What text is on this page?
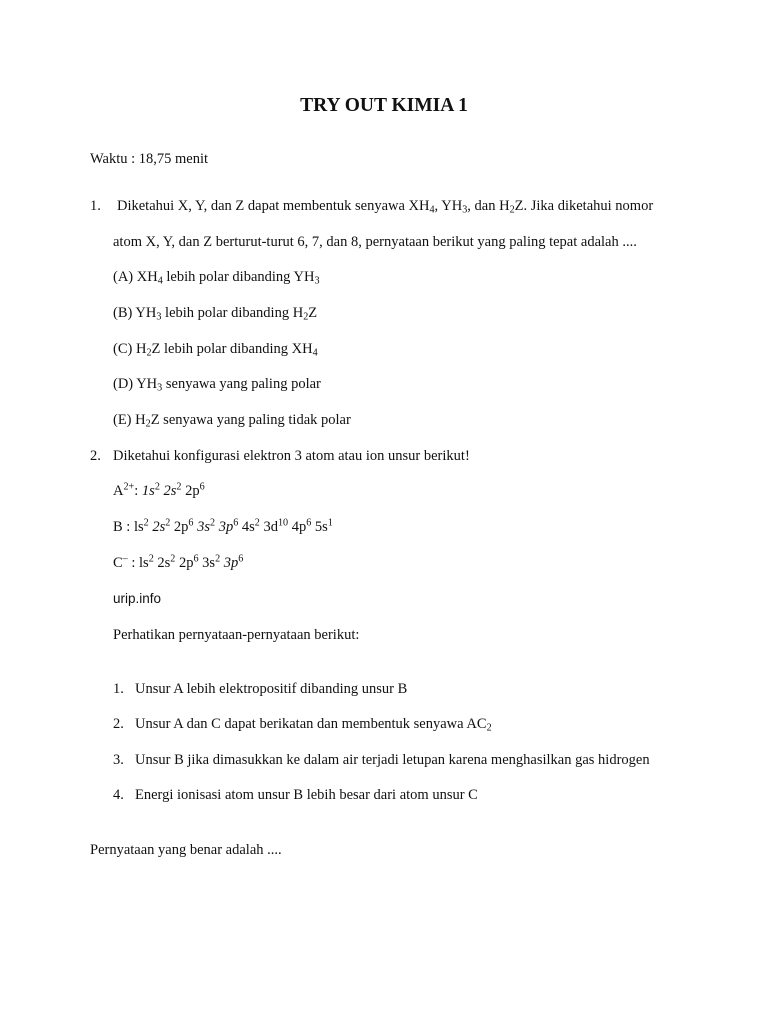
TRY OUT KIMIA 1
Waktu : 18,75 menit
1. Diketahui X, Y, dan Z dapat membentuk senyawa $XH_4$, $YH_3$, dan $H_2Z$. Jika diketahui nomor
atom X, Y, dan Z berturut-turut 6, 7, dan 8, pernyataan berikut yang paling tepat adalah ....
(A) $XH_4$ lebih polar dibanding $YH_3$
(B) $YH_3$ lebih polar dibanding $H_2Z$
(C) $H_2Z$ lebih polar dibanding $XH_4$
(D) $YH_3$ senyawa yang paling polar
(E) $H_2Z$ senyawa yang paling tidak polar
2. Diketahui konfigurasi elektron 3 atom atau ion unsur berikut!
$A^{2+}$: $1s^2$ $2s^2$ $2p^6$
B : $ls^2$ $2s^2$ $2p^6$ $3s^2$ $3p^6$ $4s^2$ $3d^{10}$ $4p^6$ $5s^1$
C– : $ls^2$ $2s^2$ $2p^6$ $3s^2$ $3p^6$
urip.info
Perhatikan pernyataan-pernyataan berikut:
1. Unsur A lebih elektropositif dibanding unsur B
2. Unsur A dan C dapat berikatan dan membentuk senyawa $AC_2$
3. Unsur B jika dimasukkan ke dalam air terjadi letupan karena menghasilkan gas hidrogen
4. Energi ionisasi atom unsur B lebih besar dari atom unsur C
Pernyataan yang benar adalah ....
